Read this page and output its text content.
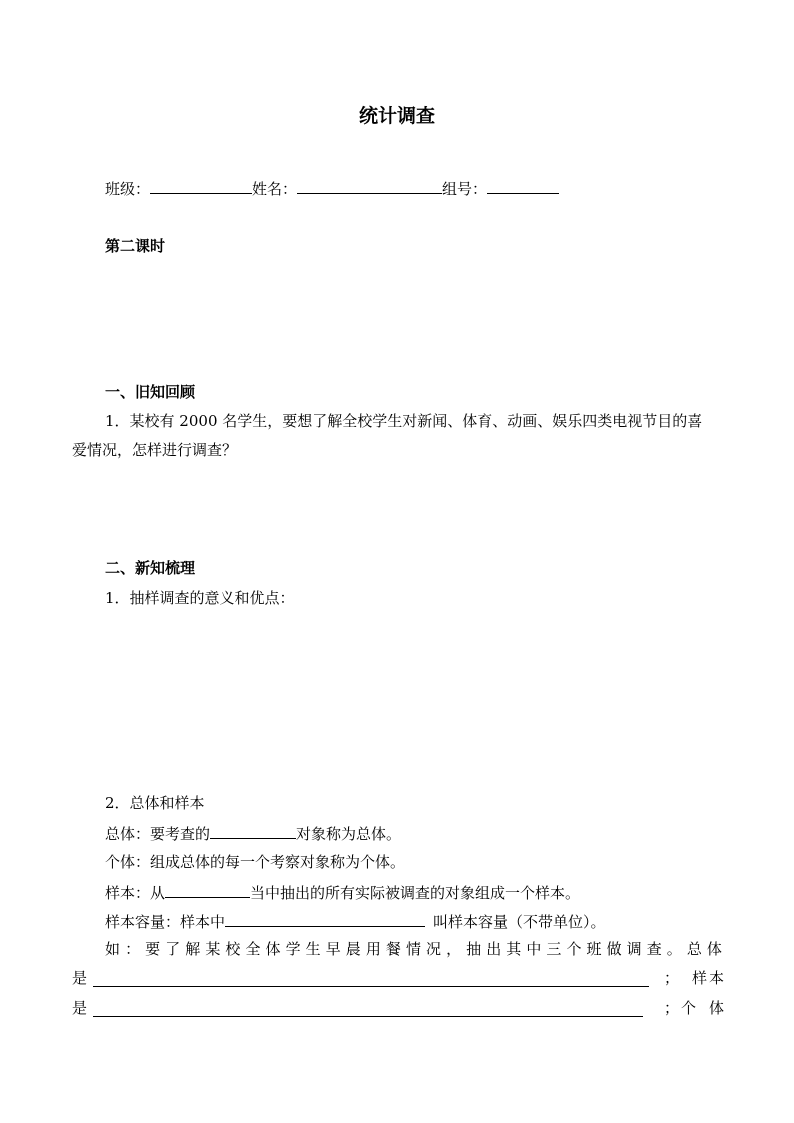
统计调查
班级：	姓名：	组号：
第二课时
一、旧知回顾
1．某校有 2000 名学生，要想了解全校学生对新闻、体育、动画、娱乐四类电视节目的喜
爱情况，怎样进行调查？
二、新知梳理
1．抽样调查的意义和优点：
2．总体和样本
总体：要考查的	对象称为总体。
个体：组成总体的每一个考察对象称为个体。
样本：从	当中抽出的所有实际被调查的对象组成一个样本。
样本容量：样本中	叫样本容量（不带单位）。
如 ： 要 了 解 某 校 全 体 学 生 早 晨 用 餐 情 况 ， 抽 出 其 中 三 个 班 做 调 查 。 总 体
是	； 样 本
是	； 个 体
